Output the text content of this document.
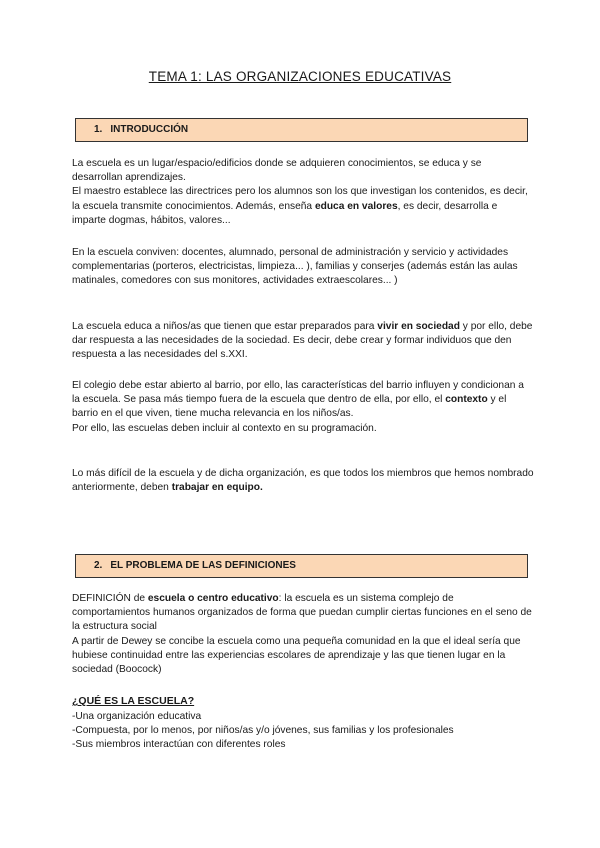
TEMA 1: LAS ORGANIZACIONES EDUCATIVAS
1. INTRODUCCIÓN
La escuela es un lugar/espacio/edificios donde se adquieren conocimientos, se educa y se desarrollan aprendizajes.
El maestro establece las directrices pero los alumnos son los que investigan los contenidos, es decir, la escuela transmite conocimientos. Además, enseña educa en valores, es decir, desarrolla e imparte dogmas, hábitos, valores...
En la escuela conviven: docentes, alumnado, personal de administración y servicio y actividades complementarias (porteros, electricistas, limpieza... ), familias y conserjes (además están las aulas matinales, comedores con sus monitores, actividades extraescolares... )
La escuela educa a niños/as que tienen que estar preparados para vivir en sociedad y por ello, debe dar respuesta a las necesidades de la sociedad. Es decir, debe crear y formar individuos que den respuesta a las necesidades del s.XXI.
El colegio debe estar abierto al barrio, por ello, las características del barrio influyen y condicionan a la escuela. Se pasa más tiempo fuera de la escuela que dentro de ella, por ello, el contexto y el barrio en el que viven, tiene mucha relevancia en los niños/as.
Por ello, las escuelas deben incluir al contexto en su programación.
Lo más difícil de la escuela y de dicha organización, es que todos los miembros que hemos nombrado anteriormente, deben trabajar en equipo.
2. EL PROBLEMA DE LAS DEFINICIONES
DEFINICIÓN de escuela o centro educativo: la escuela es un sistema complejo de comportamientos humanos organizados de forma que puedan cumplir ciertas funciones en el seno de la estructura social
A partir de Dewey se concibe la escuela como una pequeña comunidad en la que el ideal sería que hubiese continuidad entre las experiencias escolares de aprendizaje y las que tienen lugar en la sociedad (Boocock)
¿QUÉ ES LA ESCUELA?
-Una organización educativa
-Compuesta, por lo menos, por niños/as y/o jóvenes, sus familias y los profesionales
-Sus miembros interactúan con diferentes roles
